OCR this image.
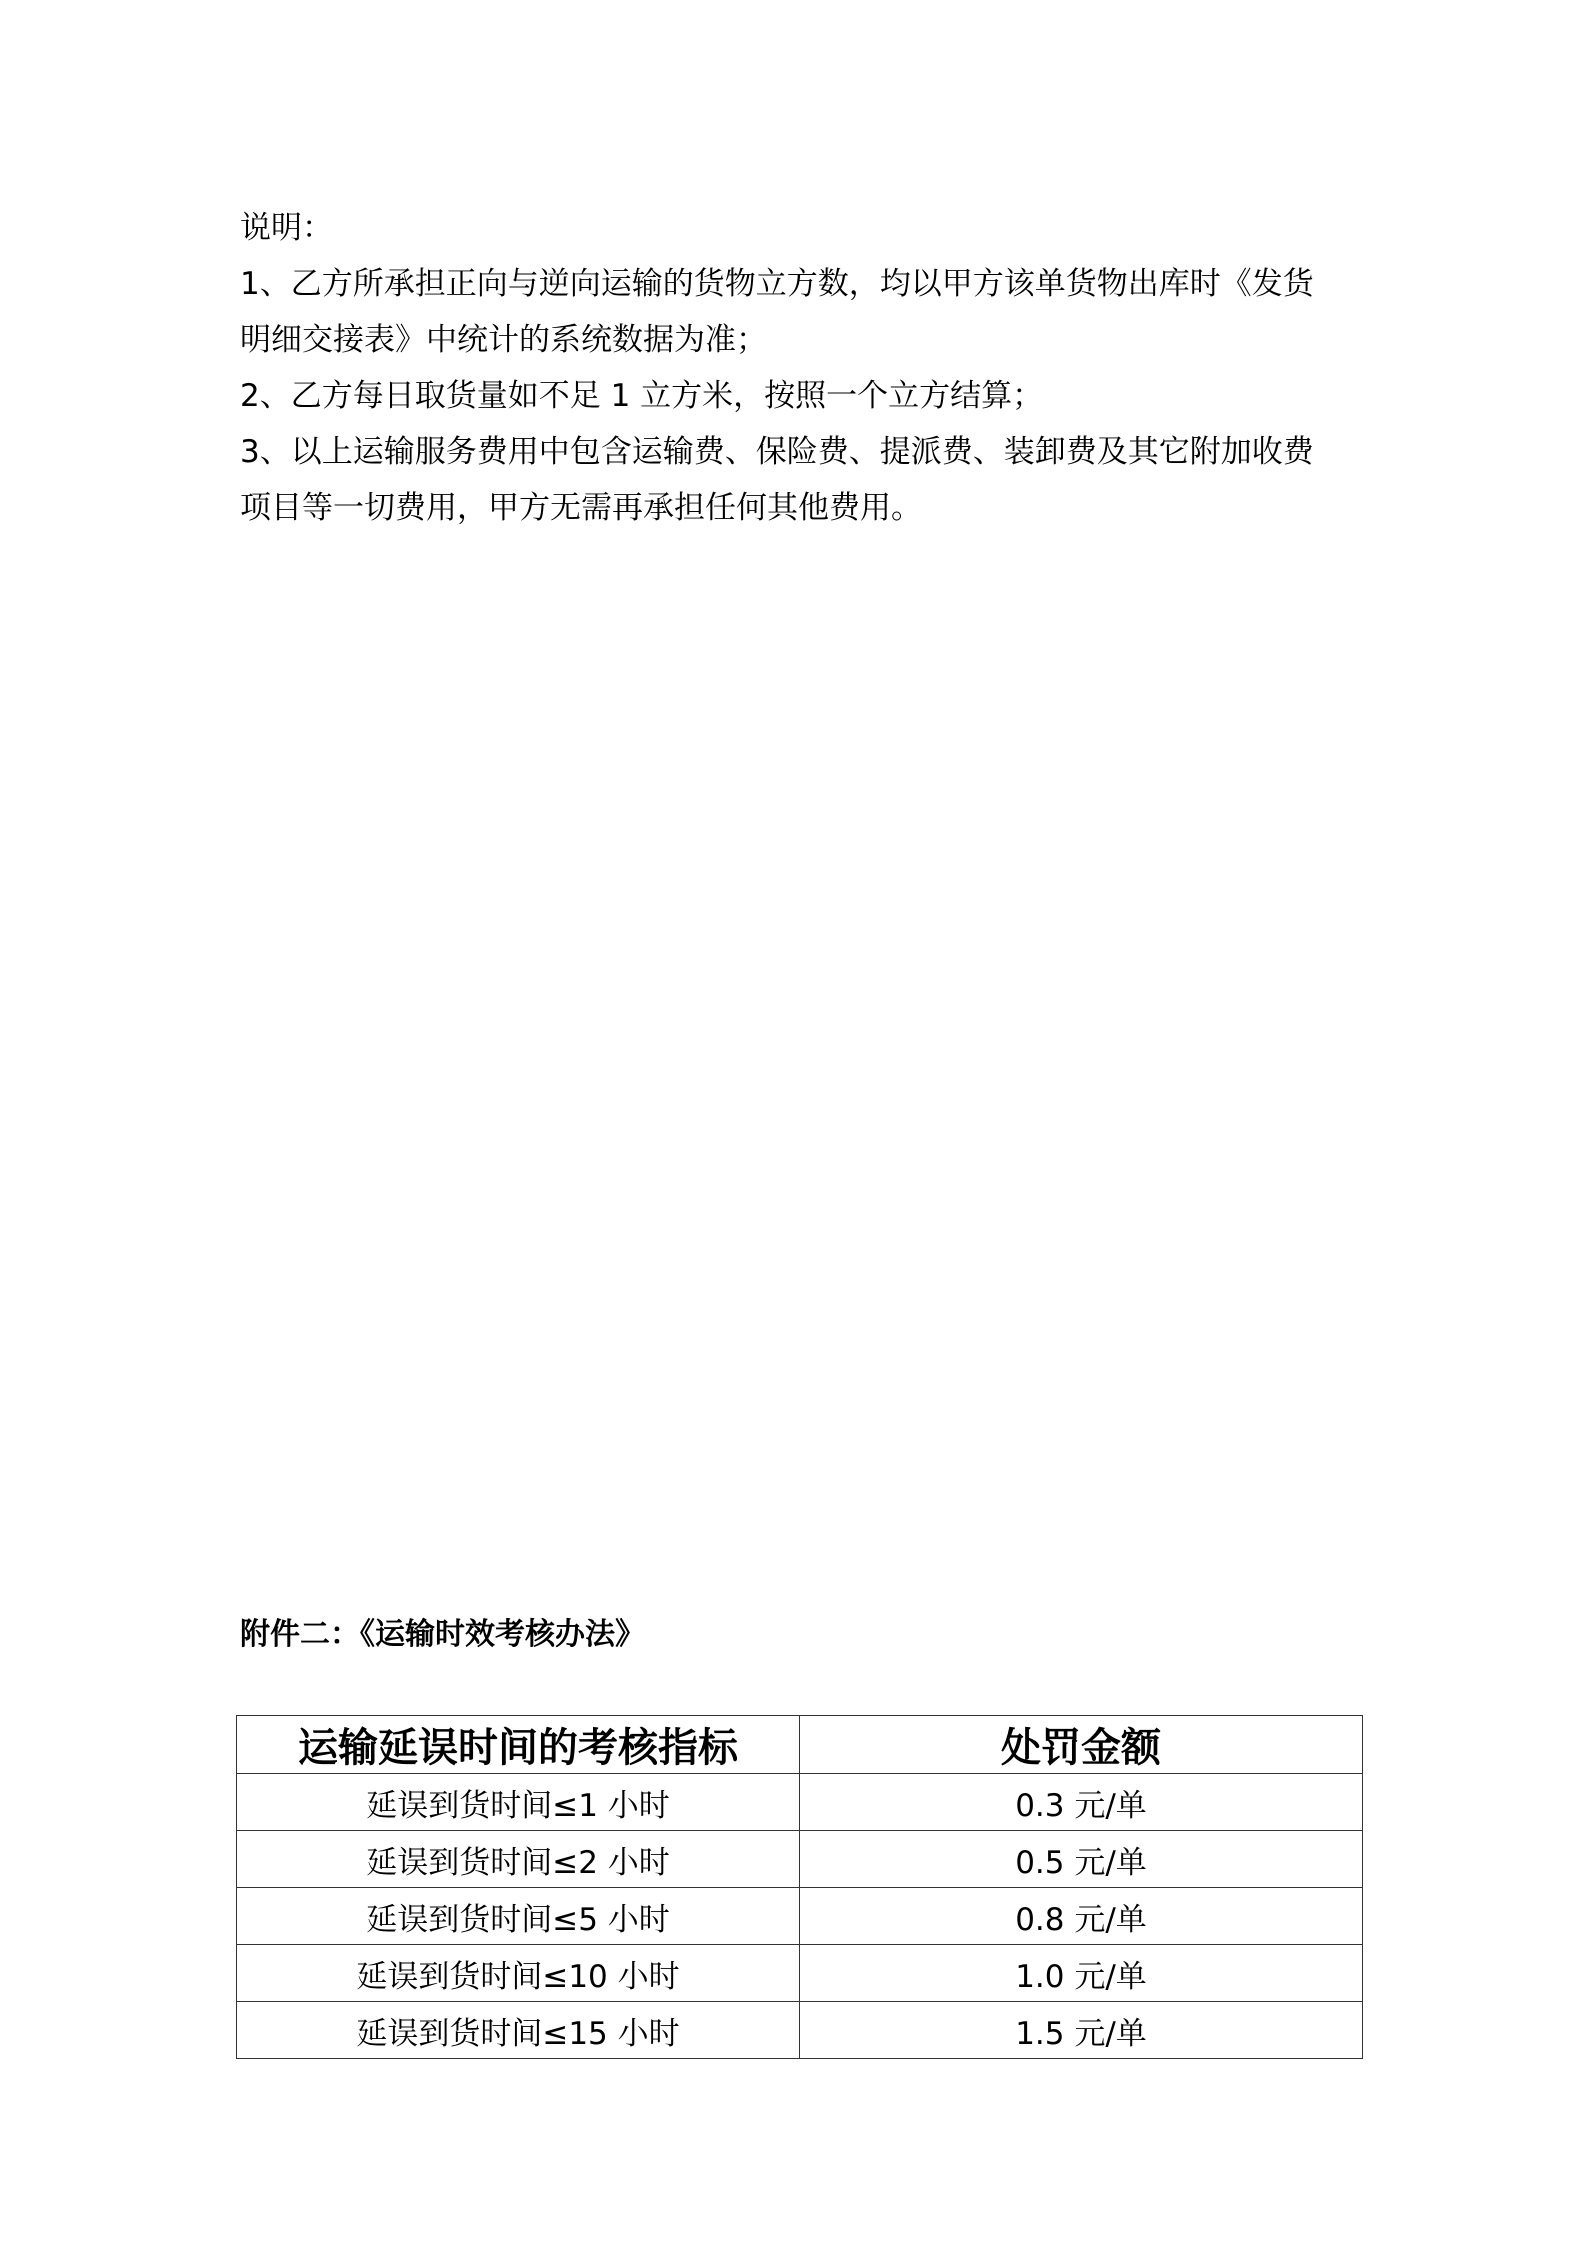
说明：

1、乙方所承担正向与逆向运输的货物立方数，均以甲方该单货物出库时《发货

明细交接表》中统计的系统数据为准；

2、乙方每日取货量如不足 1 立方米，按照一个立方结算；

3、以上运输服务费用中包含运输费、保险费、提派费、装卸费及其它附加收费

项目等一切费用，甲方无需再承担任何其他费用。

附件二：《运输时效考核办法》
运输延误时间的考核指标	处罚金额
延误到货时间≤1 小时	0.3 元/单
延误到货时间≤2 小时	0.5 元/单
延误到货时间≤5 小时	0.8 元/单
延误到货时间≤10 小时	1.0 元/单
延误到货时间≤15 小时	1.5 元/单
